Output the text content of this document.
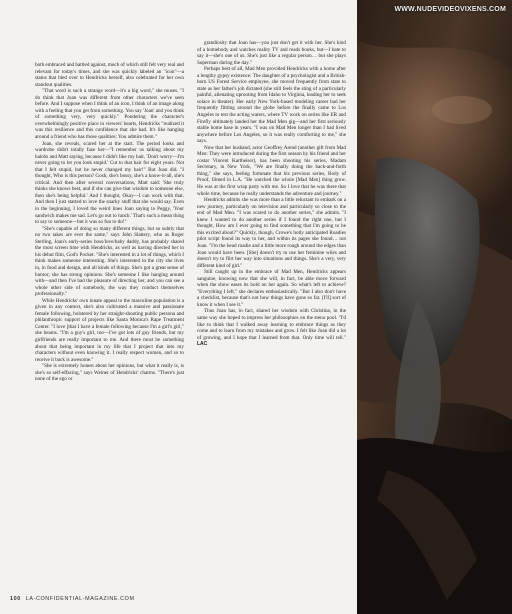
both embraced and battled against, much of which still felt very real and relevant for today's times, and she was quickly labeled an "icon"—a status that bled over to Hendricks herself, also celebrated for her own standout qualities.

"That word is such a strange word—it's a big word," she muses. "I do think that Joan was different from other characters we've seen before. And I suppose when I think of an icon, I think of an image along with a feeling that you get from something. You say 'Joan' and you think of something very, very quickly." Pondering the character's overwhelmingly positive place in viewers' hearts, Hendricks "realized it was this resilience and this confidence that she had. It's like hanging around a friend who has those qualities: You admire them."

Joan, she reveals, scared her at the start. The period looks and wardrobe didn't totally faze her—"I remember us talking about my hairdo and Matt saying, because I didn't like my hair, 'Don't worry—I'm never going to let you look stupid.' Cut to that hair for eight years. Not that I felt stupid, but he never changed my hair!" But Joan did. "I thought, Who is this person? Gosh, she's bossy, she's a know-it-all, she's critical. And then after several conversations, Matt said: 'She truly thinks she knows best, and if she can give that wisdom to someone else, then she's being helpful.' And I thought, Okay—I can work with that. And then I just started to love the snarky stuff that she would say. Even in the beginning, I loved the weird lines Joan saying to Peggy, 'Your sandwich makes me sad. Let's go out to lunch.' That's such a mean thing to say to someone—but it was so fun to do!"

"She's capable of doing so many different things, but so subtly that no two takes are ever the same," says John Slattery, who as Roger Sterling, Joan's early-series boss/love/baby daddy, has probably shared the most screen time with Hendricks, as well as having directed her in his debut film, God's Pocket. "She's interested in a lot of things, which I think makes someone interesting. She's interested in the city she lives in, in food and design, and all kinds of things. She's got a great sense of humor; she has strong opinions. She's someone I like hanging around with—and then I've had the pleasure of directing her, and you can see a whole other side of somebody, the way they conduct themselves professionally."

While Hendricks' own innate appeal to the masculine population is a given in any context, she's also cultivated a massive and passionate female following, bolstered by her straight-shooting public persona and philanthropic support of projects like Santa Monica's Rape Treatment Center. "I love [that I have a female following because I'm a girl's girl," she beams. "I'm a guy's girl, too—I've got lots of guy friends, but my girlfriends are really important to me. And there must be something about that being important in my life that I project that into my characters without even knowing it. I really respect women, and so to receive it back is awesome."

"She is extremely honest about her opinions, but what it really is, is she's so self-effacing," says Weiner of Hendricks' charms. "There's just none of the ego or

grandiosity that Joan has—you just don't get it with her. She's kind of a homebody and watches reality TV and reads books, but—I hate to say it—she's one of us. She's just like a regular person… but she plays Superman during the day."

Perhaps best of all, Mad Men provided Hendricks with a home after a lengthy gypsy existence: The daughter of a psychologist and a British-born US Forest Service employee, she moved frequently from state to state as her father's job dictated (she still feels the sting of a particularly painful, alienating uprooting from Idaho to Virginia, leading her to seek solace in theater). Her early New York-based modeling career had her frequently flitting around the globe before the finally came to Los Angeles to test the acting waters, where TV work on series like ER and Firefly ultimately landed her the Mad Men gig—and her first seriously stable home base in years. "I was on Mad Men longer than I had lived anywhere before Los Angeles, so it was really comforting to me," she says.

Now that her husband, actor Geoffrey Arend (another gift from Mad Men: They were introduced during the first season by his friend and her costar Vincent Kartheiser), has been shooting his series, Madam Secretary, in New York, "We are finally doing the back-and-forth thing," she says, feeling fortunate that his previous series, Body of Proof, filmed in L.A. "He watched the whole [Mad Men] thing grow. He was at the first wrap party with me. So I love that he was there that whole time, because he really understands the adventure and journey."

Hendricks admits she was more than a little reluctant to embark on a new journey, particularly on television and particularly so close to the end of Mad Men. "I was scared to do another series," she admits. "I knew I wanted to do another series if I found the right one, but I thought, How am I ever going to find something that I'm going to be this excited about?" Quickly, though, Crowe's hotly anticipated Roadies pilot script found its way to her, and within its pages she found… not Joan. "I'm the head roadie and a little more rough around the edges than Joan would have been. [She] doesn't try to use her feminine wiles and doesn't try to flirt her way into situations and things. She's a very, very different kind of girl."

Still caught up in the embrace of Mad Men, Hendricks appears sanguine, knowing now that she will, in fact, be able move forward when the show eases its hold on her again. So what's left to achieve? "Everything I left," she declares enthusiastically. "But I also don't have a checklist, because that's not how things have gone so far. [I'll] sort of know it when I see it."

Thus Joan has, in fact, shared her wisdom with Christina, in the same way she hoped to impress her philosophies on the steno pool. "I'd like to think that I walked away learning to embrace things as they come and to learn from my mistakes and grow. I felt like Joan did a lot of growing, and I hope that I learned from that. Only time will tell." LAC

WWW.NUDEVIDEOVIXENS.COM
100 LA-CONFIDENTIAL-MAGAZINE.COM
